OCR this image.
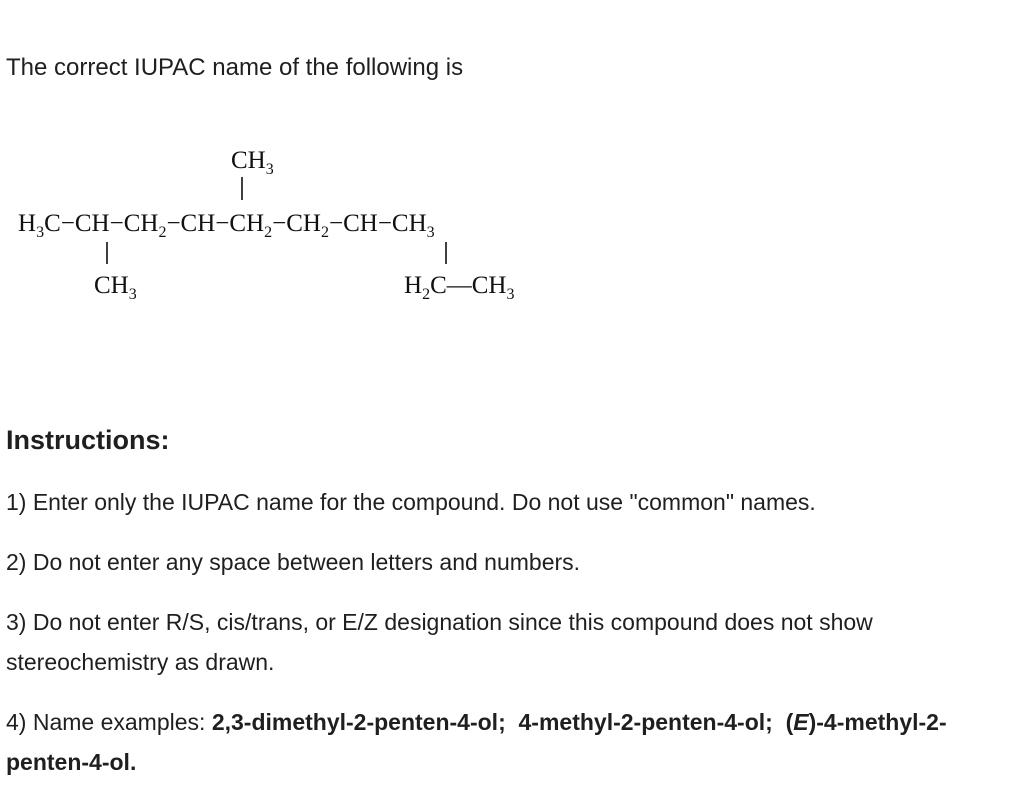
The correct IUPAC name of the following is

$CH_3$
$H_3C-CH-CH_2-CH-CH_2-CH_2-CH-CH_3$
$CH_3$	$H_2C—CH_3$
Instructions:

1) Enter only the IUPAC name for the compound. Do not use "common" names.

2) Do not enter any space between letters and numbers.

3) Do not enter R/S, cis/trans, or E/Z designation since this compound does not show stereochemistry as drawn.

4) Name examples: 2,3-dimethyl-2-penten-4-ol; 4-methyl-2-penten-4-ol; (E)-4-methyl-2-penten-4-ol.
